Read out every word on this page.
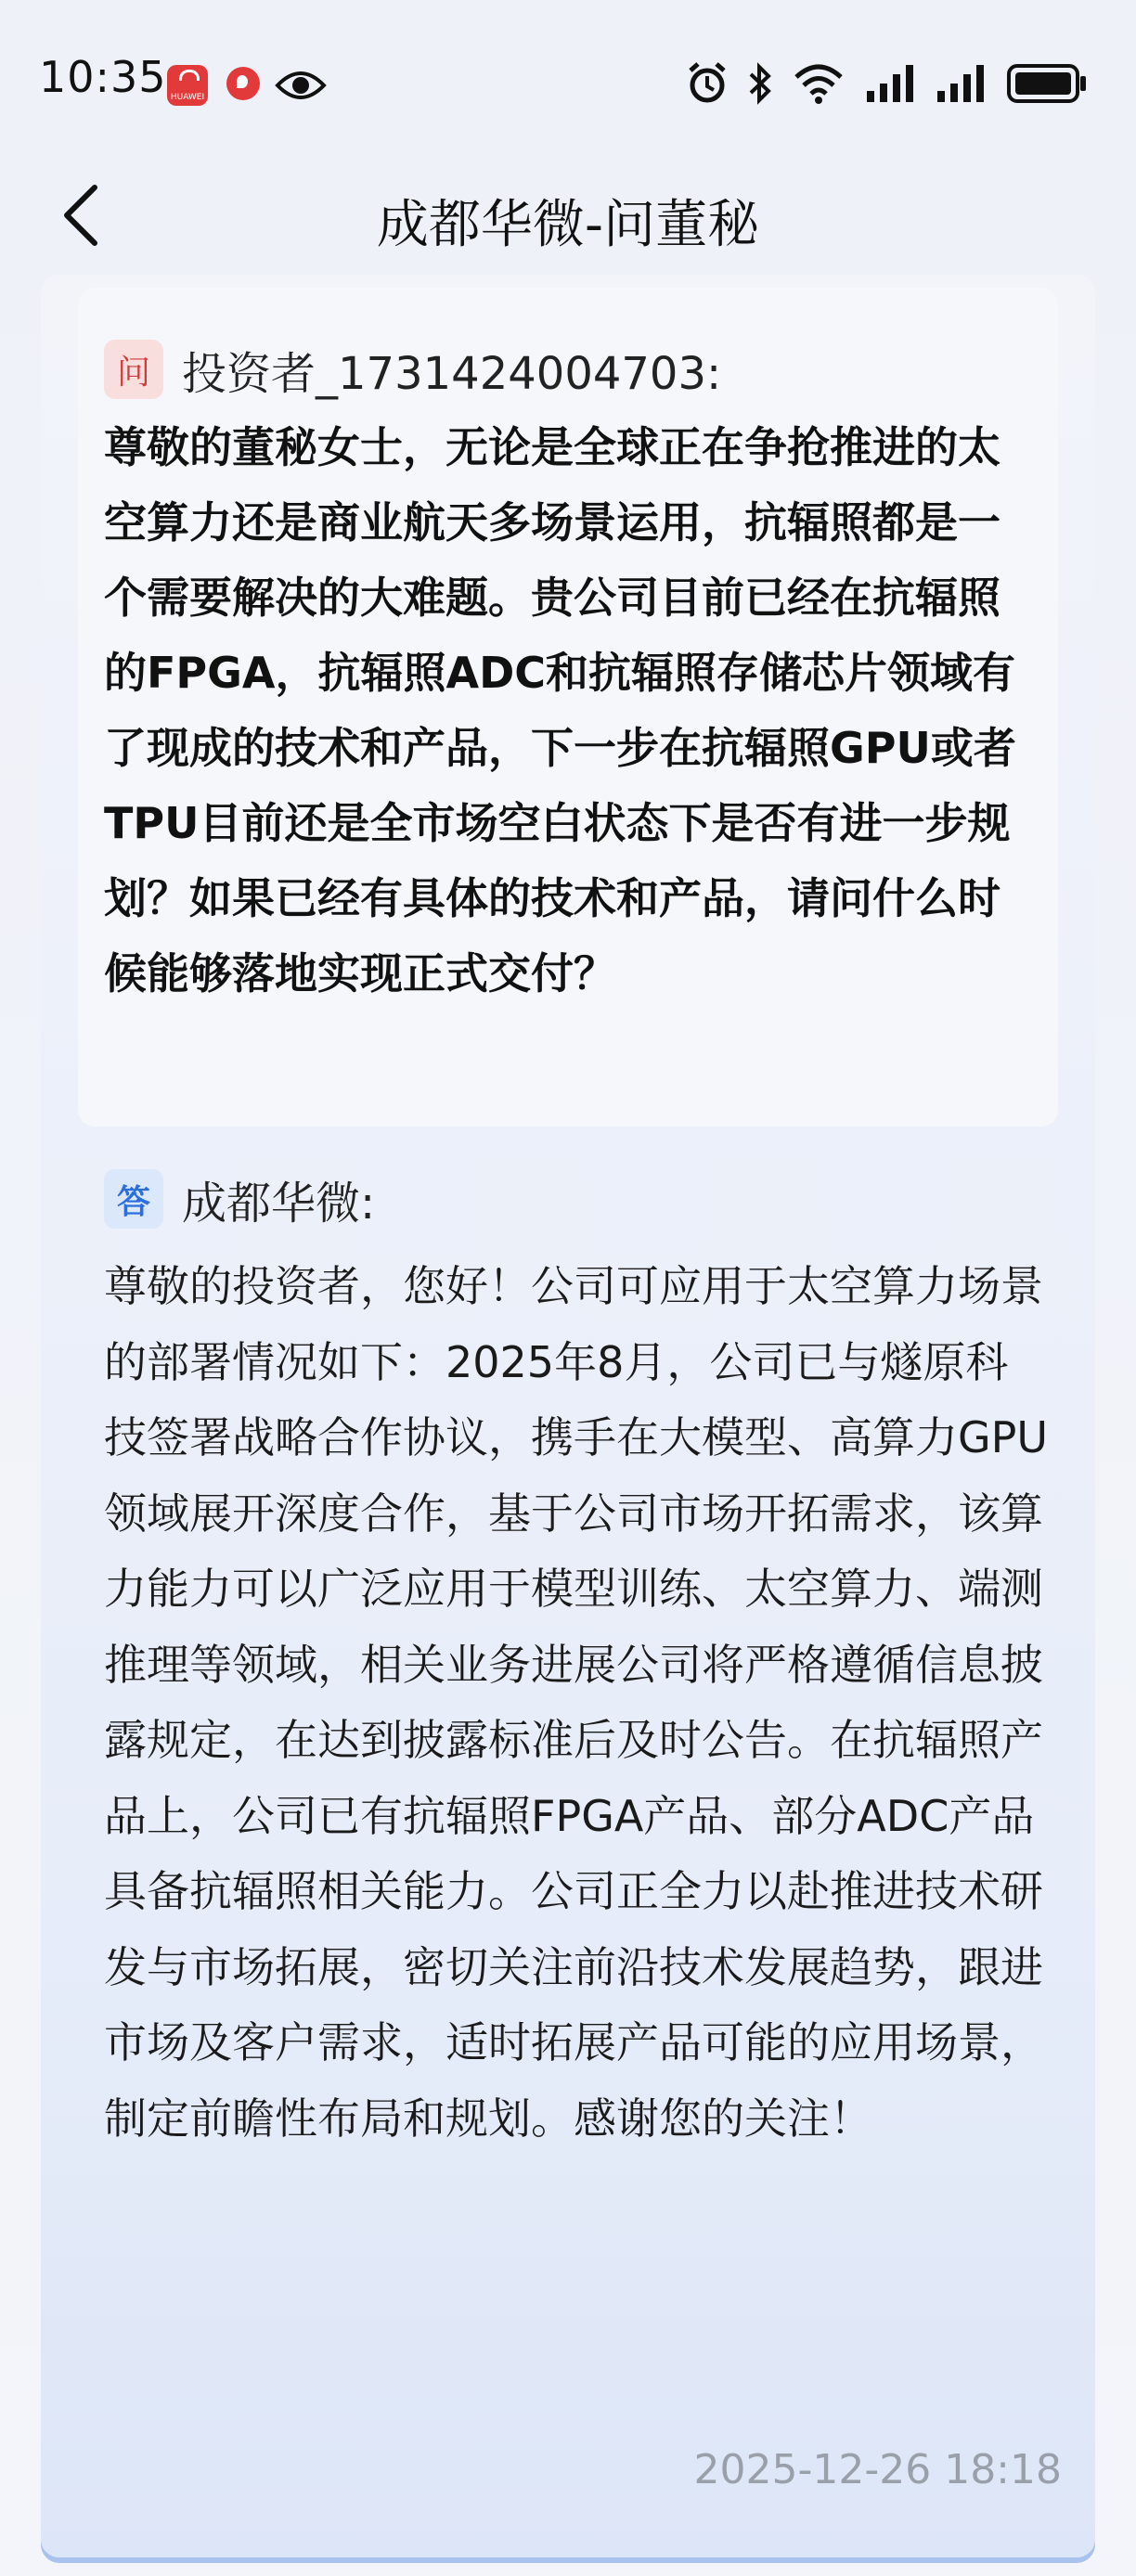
10:35 HUAWEI
成都华微-问董秘
问 投资者_1731424004703:
尊敬的董秘女士，无论是全球正在争抢推进的太空算力还是商业航天多场景运用，抗辐照都是一个需要解决的大难题。贵公司目前已经在抗辐照的FPGA，抗辐照ADC和抗辐照存储芯片领域有了现成的技术和产品，下一步在抗辐照GPU或者TPU目前还是全市场空白状态下是否有进一步规划？如果已经有具体的技术和产品，请问什么时候能够落地实现正式交付？
答 成都华微:
尊敬的投资者，您好！公司可应用于太空算力场景的部署情况如下：2025年8月，公司已与燧原科技签署战略合作协议，携手在大模型、高算力GPU领域展开深度合作，基于公司市场开拓需求，该算力能力可以广泛应用于模型训练、太空算力、端测推理等领域，相关业务进展公司将严格遵循信息披露规定，在达到披露标准后及时公告。在抗辐照产品上，公司已有抗辐照FPGA产品、部分ADC产品具备抗辐照相关能力。公司正全力以赴推进技术研发与市场拓展，密切关注前沿技术发展趋势，跟进市场及客户需求，适时拓展产品可能的应用场景，制定前瞻性布局和规划。感谢您的关注！
2025-12-26 18:18
